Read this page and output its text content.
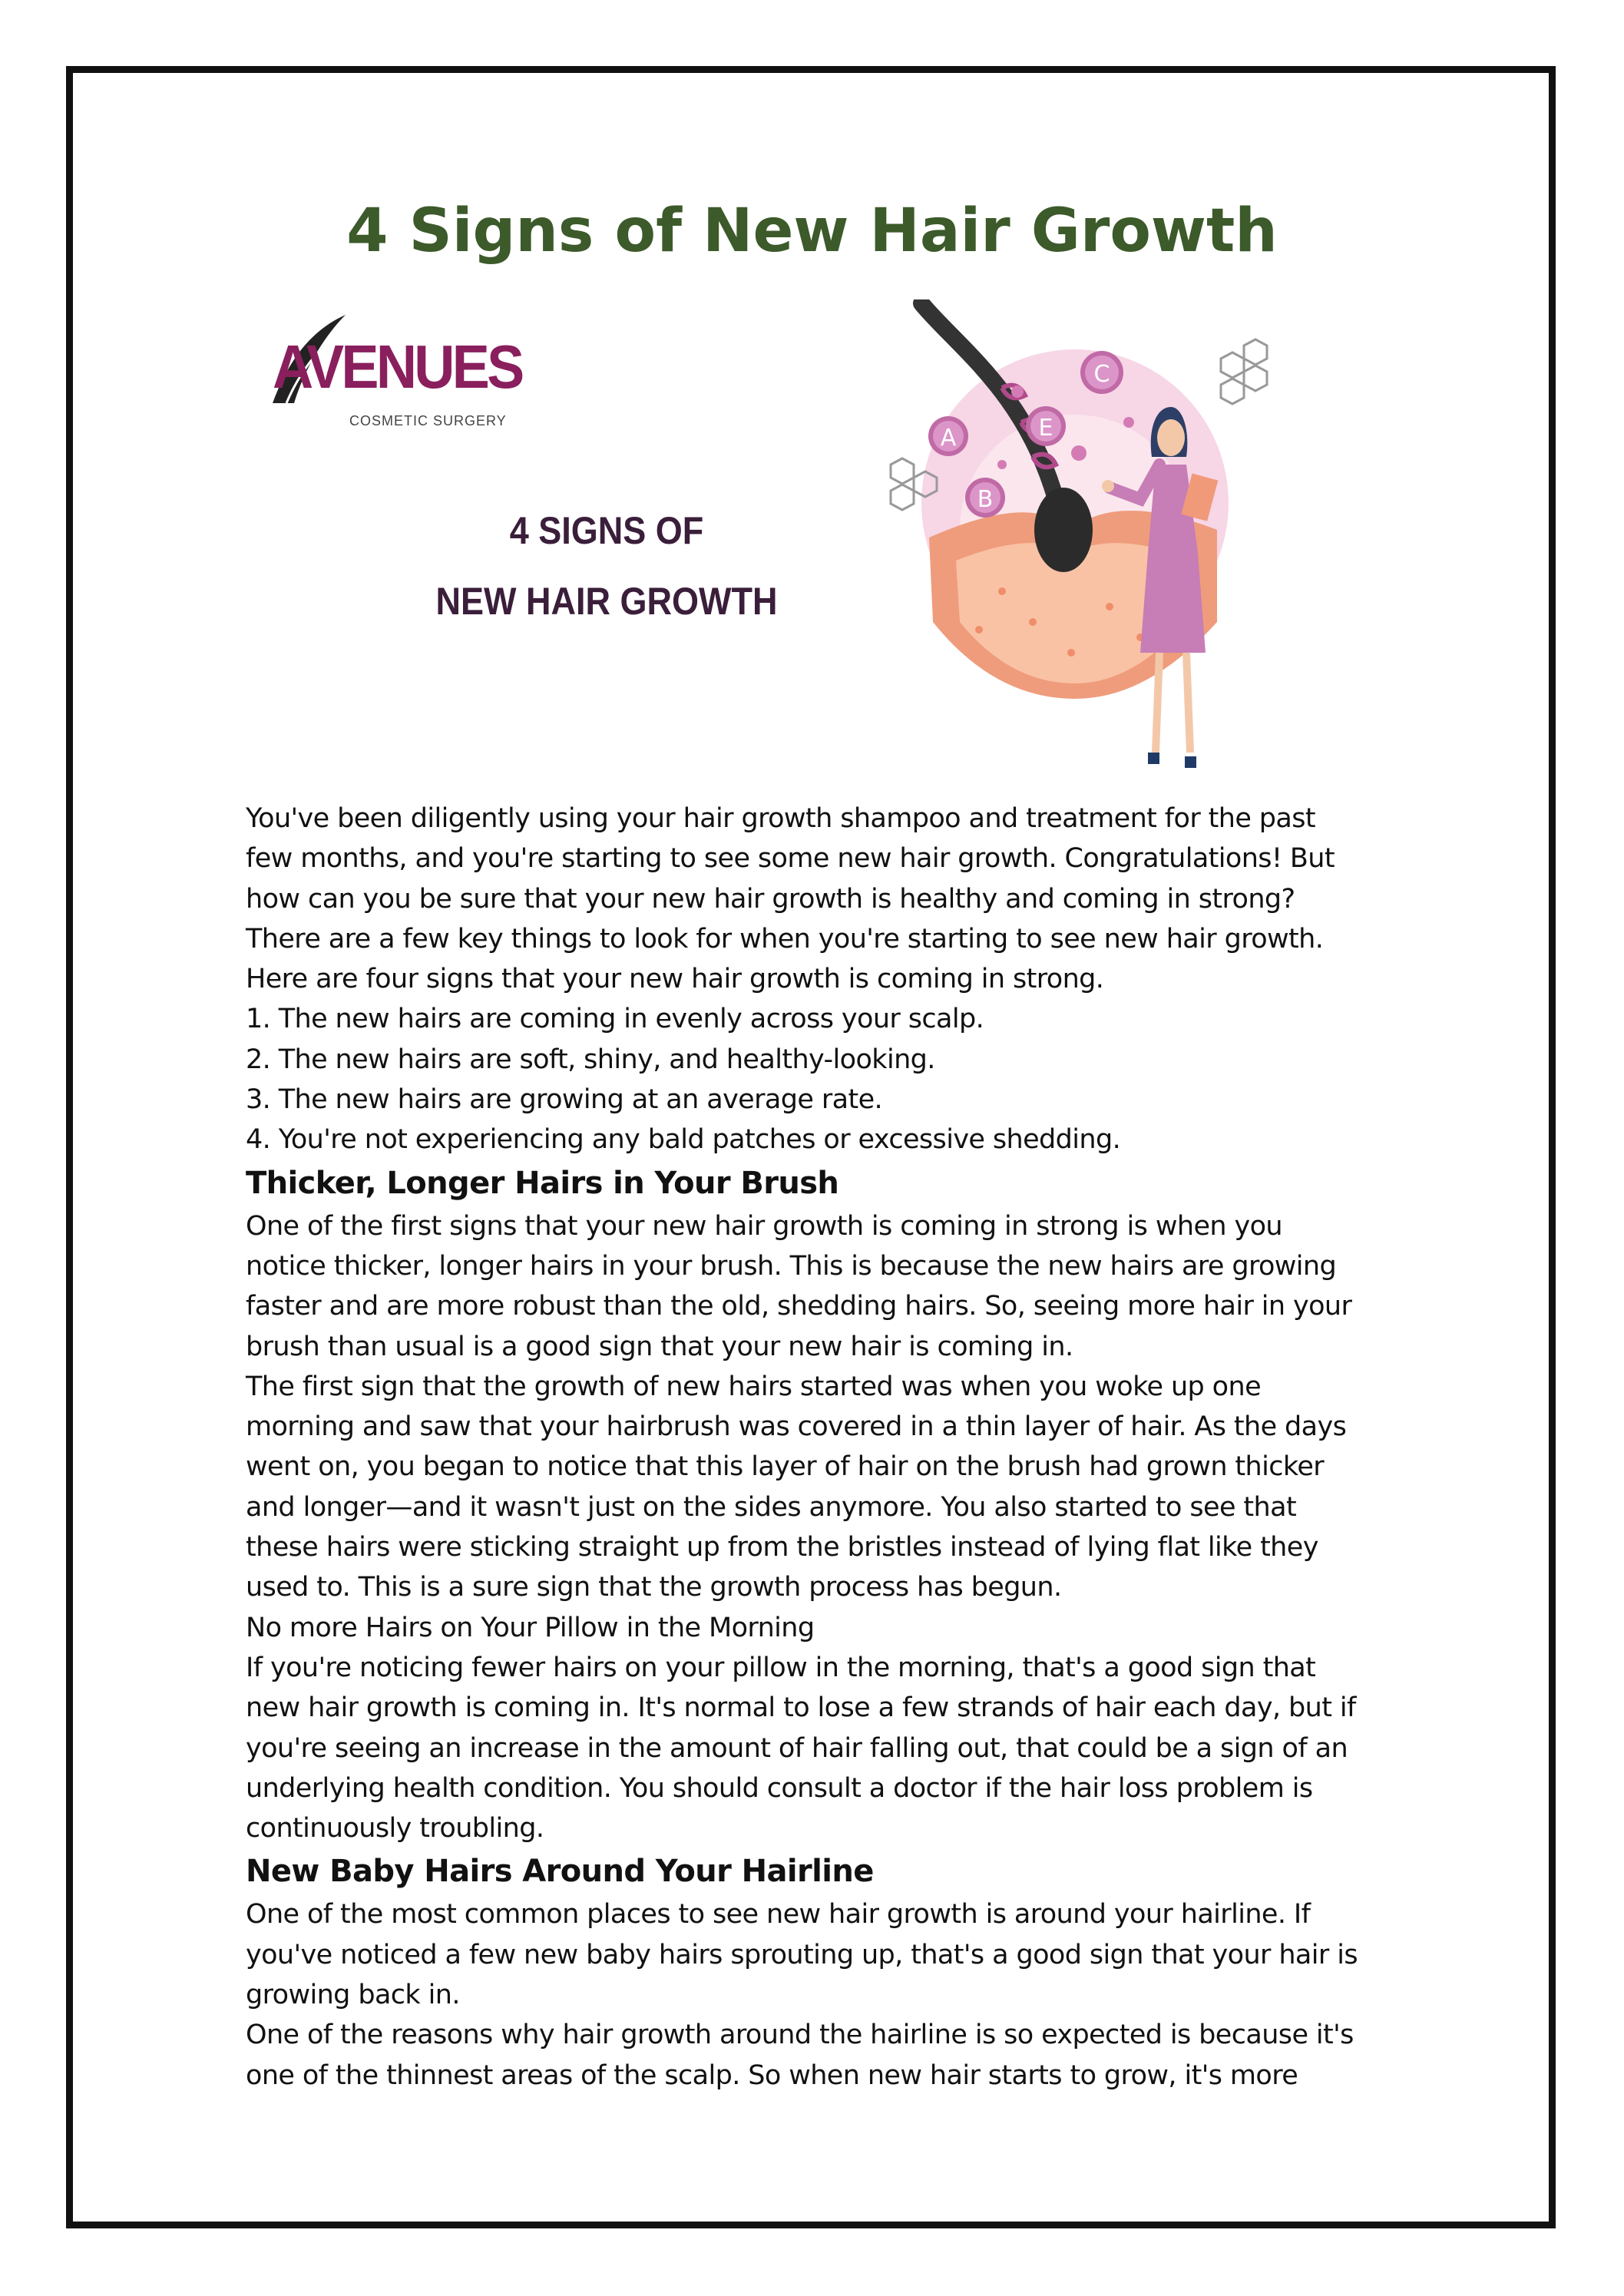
4 Signs of New Hair Growth
A
B
C
E
AVENUES
COSMETIC SURGERY
4 SIGNS OF
NEW HAIR GROWTH

You've been diligently using your hair growth shampoo and treatment for the past

few months, and you're starting to see some new hair growth. Congratulations! But

how can you be sure that your new hair growth is healthy and coming in strong?

There are a few key things to look for when you're starting to see new hair growth.

Here are four signs that your new hair growth is coming in strong.

1. The new hairs are coming in evenly across your scalp.

2. The new hairs are soft, shiny, and healthy-looking.

3. The new hairs are growing at an average rate.

4. You're not experiencing any bald patches or excessive shedding.

Thicker, Longer Hairs in Your Brush

One of the first signs that your new hair growth is coming in strong is when you

notice thicker, longer hairs in your brush. This is because the new hairs are growing

faster and are more robust than the old, shedding hairs. So, seeing more hair in your

brush than usual is a good sign that your new hair is coming in.

The first sign that the growth of new hairs started was when you woke up one

morning and saw that your hairbrush was covered in a thin layer of hair. As the days

went on, you began to notice that this layer of hair on the brush had grown thicker

and longer—and it wasn't just on the sides anymore. You also started to see that

these hairs were sticking straight up from the bristles instead of lying flat like they

used to. This is a sure sign that the growth process has begun.

No more Hairs on Your Pillow in the Morning

If you're noticing fewer hairs on your pillow in the morning, that's a good sign that

new hair growth is coming in. It's normal to lose a few strands of hair each day, but if

you're seeing an increase in the amount of hair falling out, that could be a sign of an

underlying health condition. You should consult a doctor if the hair loss problem is

continuously troubling.

New Baby Hairs Around Your Hairline

One of the most common places to see new hair growth is around your hairline. If

you've noticed a few new baby hairs sprouting up, that's a good sign that your hair is

growing back in.

One of the reasons why hair growth around the hairline is so expected is because it's

one of the thinnest areas of the scalp. So when new hair starts to grow, it's more
